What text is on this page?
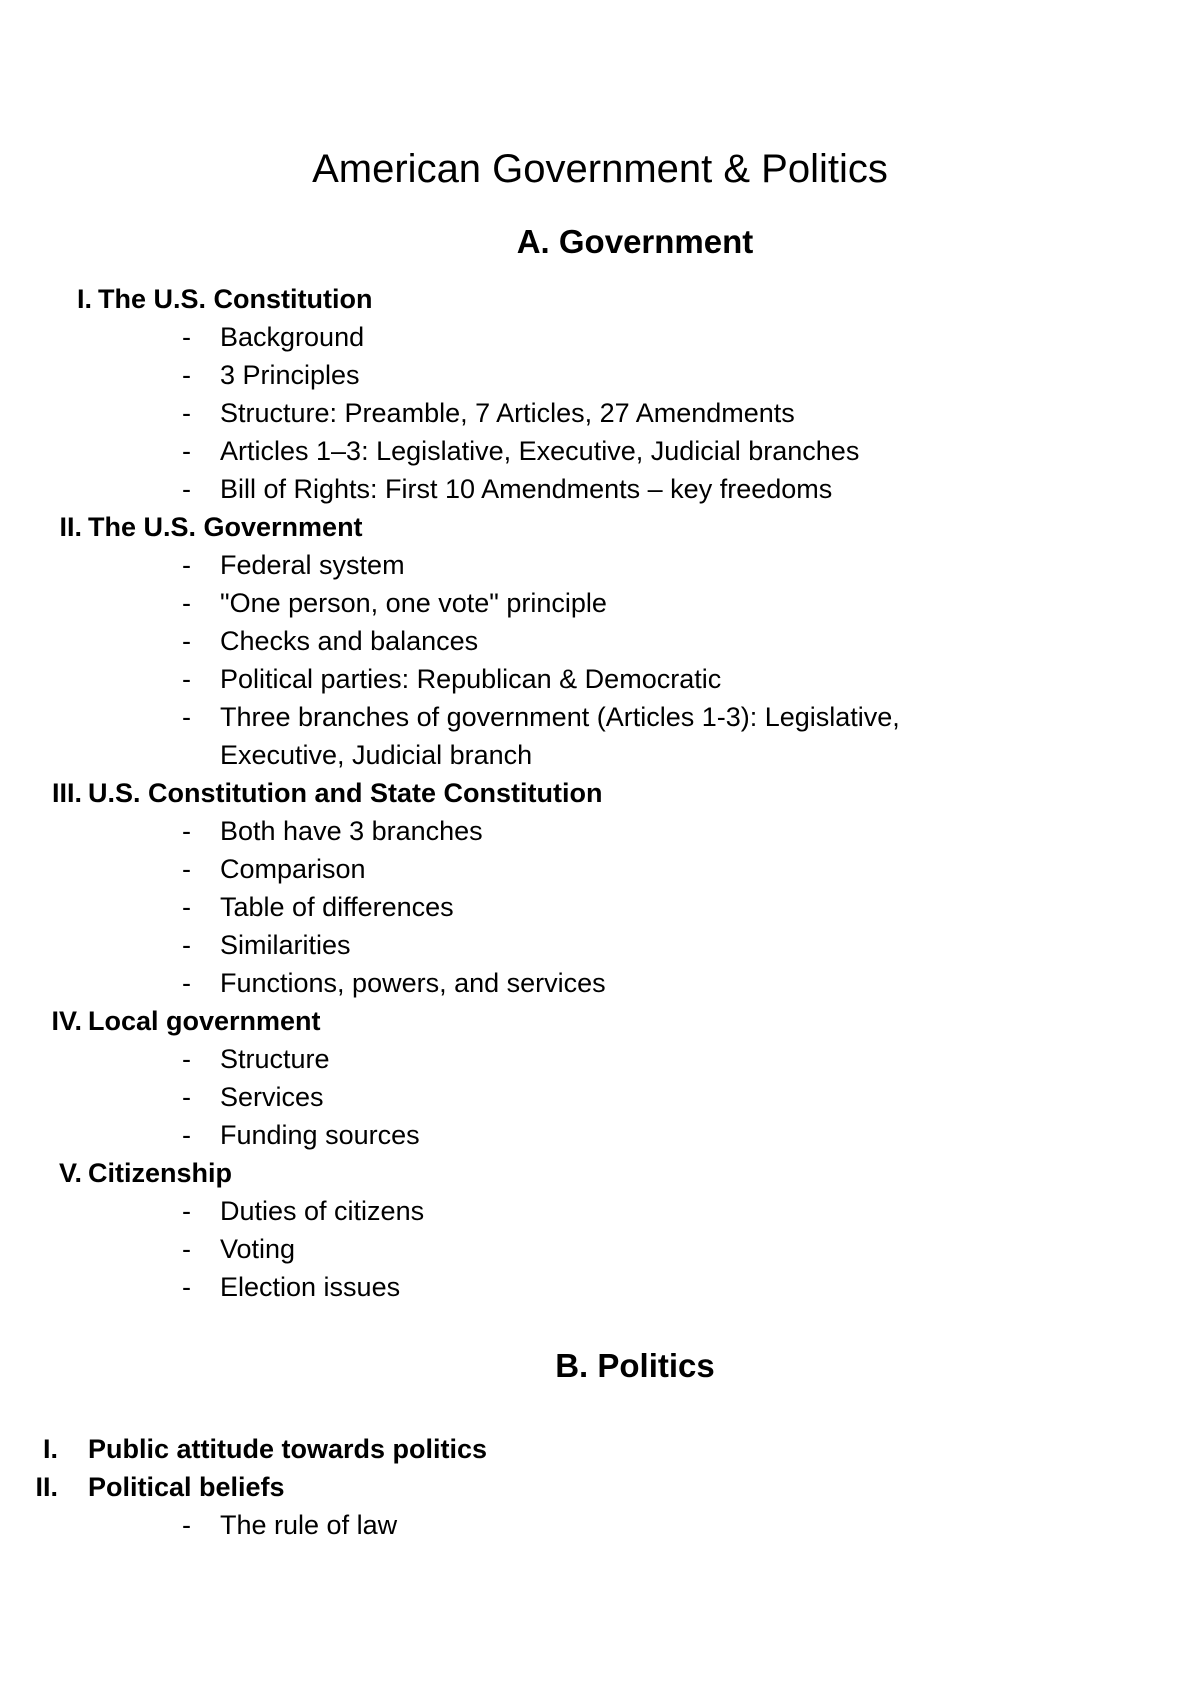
American Government & Politics
A. Government
I. The U.S. Constitution
- Background
- 3 Principles
- Structure: Preamble, 7 Articles, 27 Amendments
- Articles 1–3: Legislative, Executive, Judicial branches
- Bill of Rights: First 10 Amendments – key freedoms
II. The U.S. Government
- Federal system
- "One person, one vote" principle
- Checks and balances
- Political parties: Republican & Democratic
- Three branches of government (Articles 1-3): Legislative, Executive, Judicial branch
III. U.S. Constitution and State Constitution
- Both have 3 branches
- Comparison
- Table of differences
- Similarities
- Functions, powers, and services
IV. Local government
- Structure
- Services
- Funding sources
V. Citizenship
- Duties of citizens
- Voting
- Election issues
B. Politics
I. Public attitude towards politics
II. Political beliefs
- The rule of law
